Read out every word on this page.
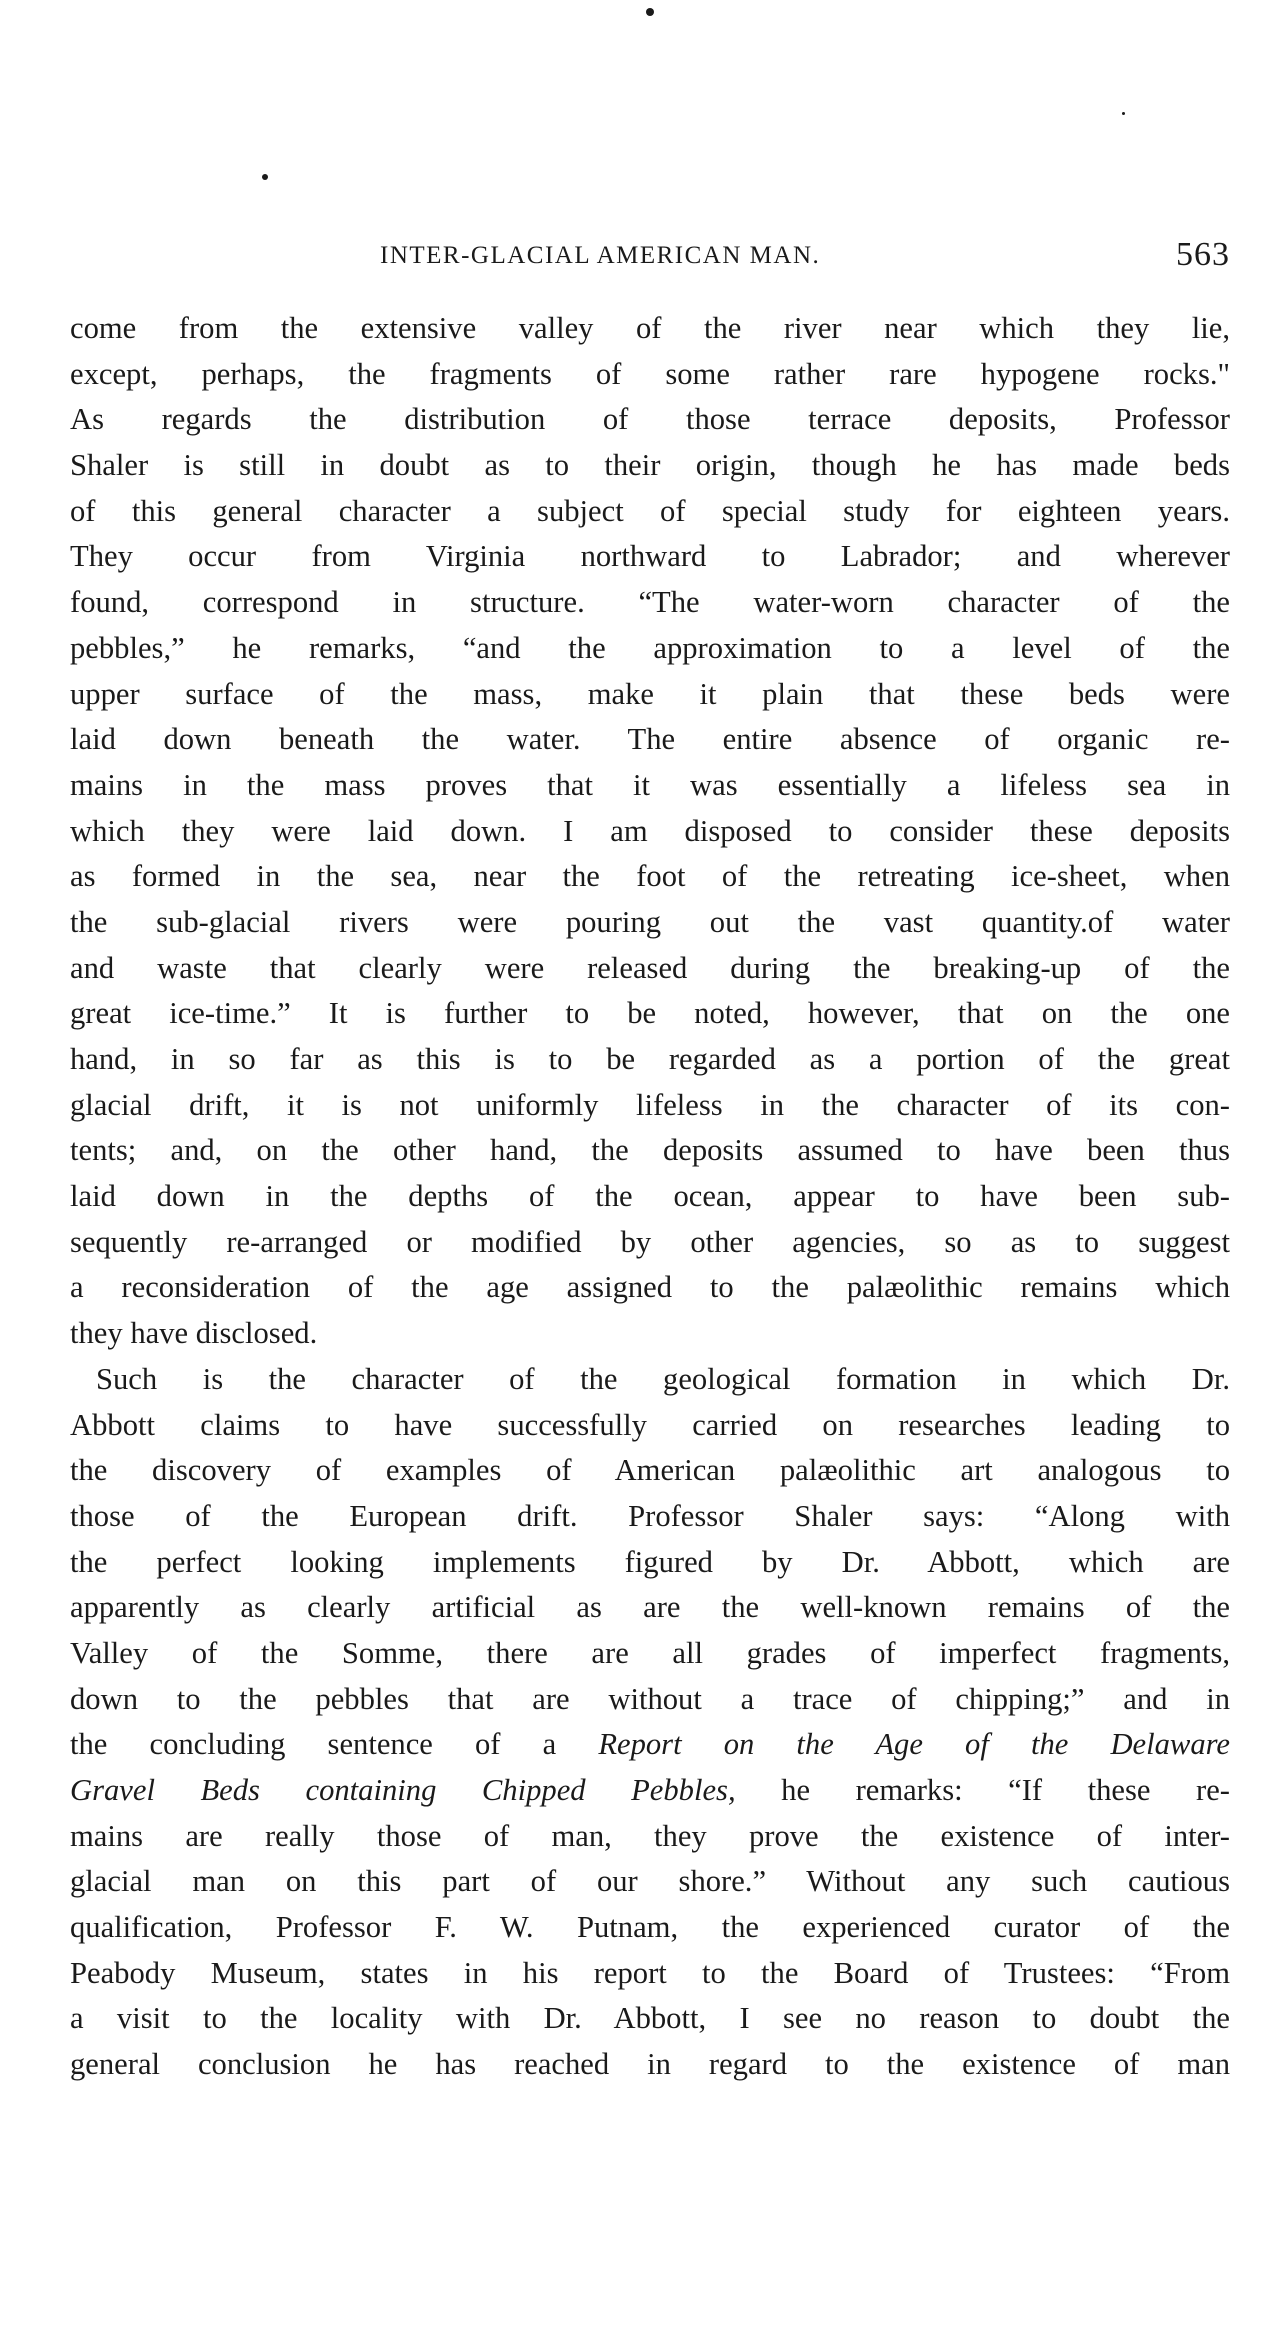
INTER-GLACIAL AMERICAN MAN.	563
come from the extensive valley of the river near which they lie,
except, perhaps, the fragments of some rather rare hypogene rocks."
As regards the distribution of those terrace deposits, Professor
Shaler is still in doubt as to their origin, though he has made beds
of this general character a subject of special study for eighteen years.
They occur from Virginia northward to Labrador; and wherever
found, correspond in structure. “The water-worn character of the
pebbles,” he remarks, “and the approximation to a level of the
upper surface of the mass, make it plain that these beds were
laid down beneath the water. The entire absence of organic re-
mains in the mass proves that it was essentially a lifeless sea in
which they were laid down. I am disposed to consider these deposits
as formed in the sea, near the foot of the retreating ice-sheet, when
the sub-glacial rivers were pouring out the vast quantity.of water
and waste that clearly were released during the breaking-up of the
great ice-time.” It is further to be noted, however, that on the one
hand, in so far as this is to be regarded as a portion of the great
glacial drift, it is not uniformly lifeless in the character of its con-
tents; and, on the other hand, the deposits assumed to have been thus
laid down in the depths of the ocean, appear to have been sub-
sequently re-arranged or modified by other agencies, so as to suggest
a reconsideration of the age assigned to the palæolithic remains which
they have disclosed.
Such is the character of the geological formation in which Dr.
Abbott claims to have successfully carried on researches leading to
the discovery of examples of American palæolithic art analogous to
those of the European drift. Professor Shaler says: “Along with
the perfect looking implements figured by Dr. Abbott, which are
apparently as clearly artificial as are the well-known remains of the
Valley of the Somme, there are all grades of imperfect fragments,
down to the pebbles that are without a trace of chipping;” and in
the concluding sentence of a Report on the Age of the Delaware
Gravel Beds containing Chipped Pebbles, he remarks: “If these re-
mains are really those of man, they prove the existence of inter-
glacial man on this part of our shore.” Without any such cautious
qualification, Professor F. W. Putnam, the experienced curator of the
Peabody Museum, states in his report to the Board of Trustees: “From
a visit to the locality with Dr. Abbott, I see no reason to doubt the
general conclusion he has reached in regard to the existence of man
